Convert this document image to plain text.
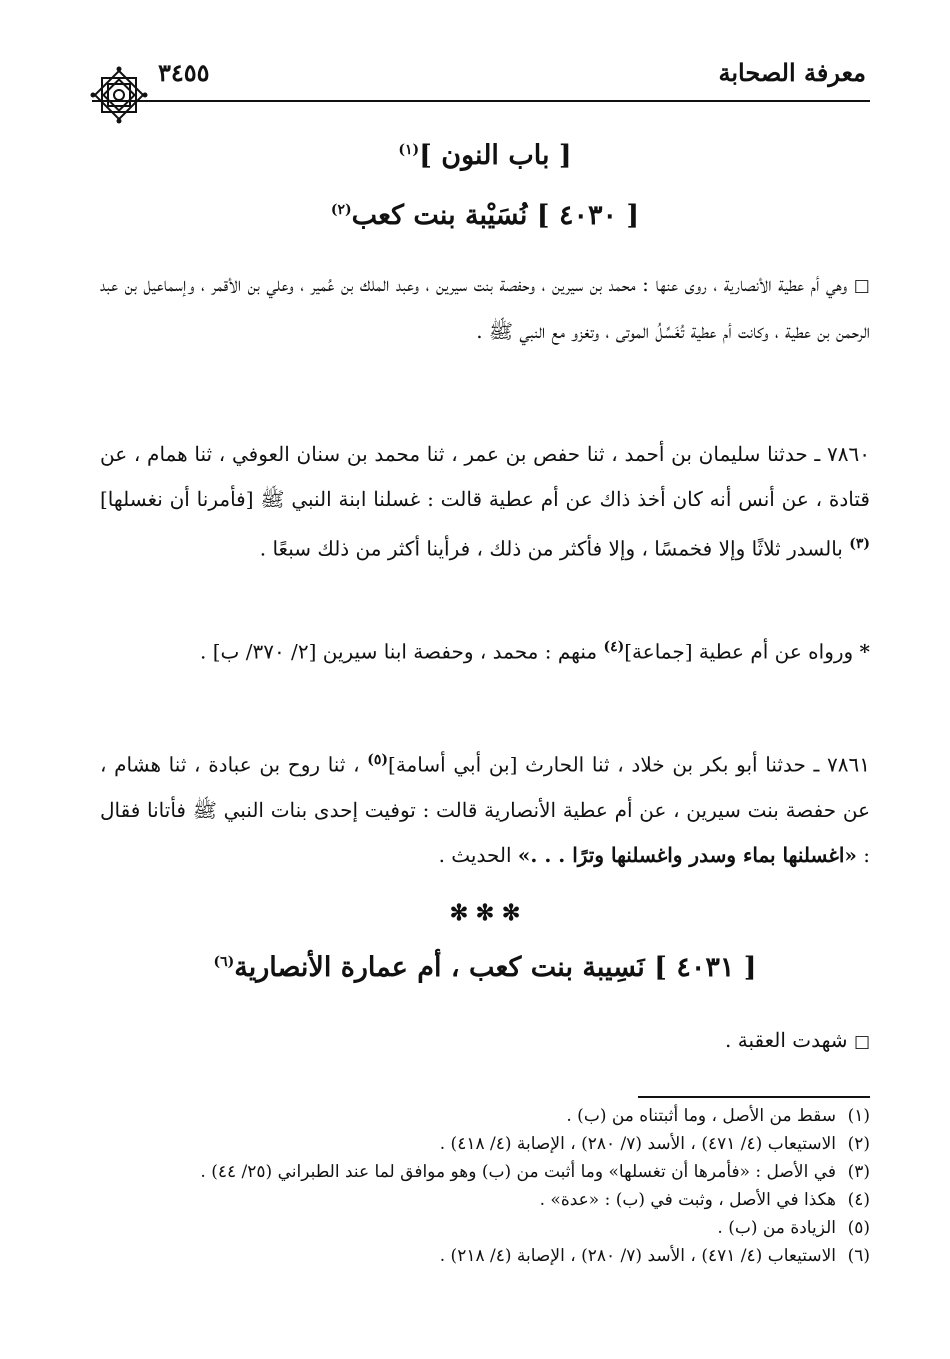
معرفة الصحابة
٣٤٥٥

[ باب النون ]$^{(١)}$

[ ٤٠٣٠ ] نُسَيْبة بنت كعب$^{(٢)}$

□ وهي أم عطية الأنصارية ، روى عنها : محمد بن سيرين ، وحفصة بنت سيرين ، وعبد الملك بن عُمير ، وعلي بن الأقمر ، وإسماعيل بن عبد الرحمن بن عطية ، وكانت أم عطية تُغَسِّلُ الموتى ، وتغزو مع النبي ﷺ .

٧٨٦٠ ـ حدثنا سليمان بن أحمد ، ثنا حفص بن عمر ، ثنا محمد بن سنان العوفي ، ثنا همام ، عن قتادة ، عن أنس أنه كان أخذ ذاك عن أم عطية قالت : غسلنا ابنة النبي ﷺ [فأمرنا أن نغسلها]$^{(٣)}$ بالسدر ثلاثًا وإلا فخمسًا ، وإلا فأكثر من ذلك ، فرأينا أكثر من ذلك سبعًا .

* ورواه عن أم عطية [جماعة]$^{(٤)}$ منهم : محمد ، وحفصة ابنا سيرين [٢/ ٣٧٠/ ب] .

٧٨٦١ ـ حدثنا أبو بكر بن خلاد ، ثنا الحارث [بن أبي أسامة]$^{(٥)}$ ، ثنا روح بن عبادة ، ثنا هشام ، عن حفصة بنت سيرين ، عن أم عطية الأنصارية قالت : توفيت إحدى بنات النبي ﷺ فأتانا فقال : «اغسلنها بماء وسدر واغسلنها وترًا . . .» الحديث .

✻ ✻ ✻

[ ٤٠٣١ ] نَسِيبة بنت كعب ، أم عمارة الأنصارية$^{(٦)}$

□ شهدت العقبة .

(١)سقط من الأصل ، وما أثبتناه من (ب) .
(٢)الاستيعاب (٤/ ٤٧١) ، الأسد (٧/ ٢٨٠) ، الإصابة (٤/ ٤١٨) .
(٣)في الأصل : «فأمرها أن تغسلها» وما أثبت من (ب) وهو موافق لما عند الطبراني (٢٥/ ٤٤) .
(٤)هكذا في الأصل ، وثبت في (ب) : «عدة» .
(٥)الزيادة من (ب) .
(٦)الاستيعاب (٤/ ٤٧١) ، الأسد (٧/ ٢٨٠) ، الإصابة (٤/ ٢١٨) .
